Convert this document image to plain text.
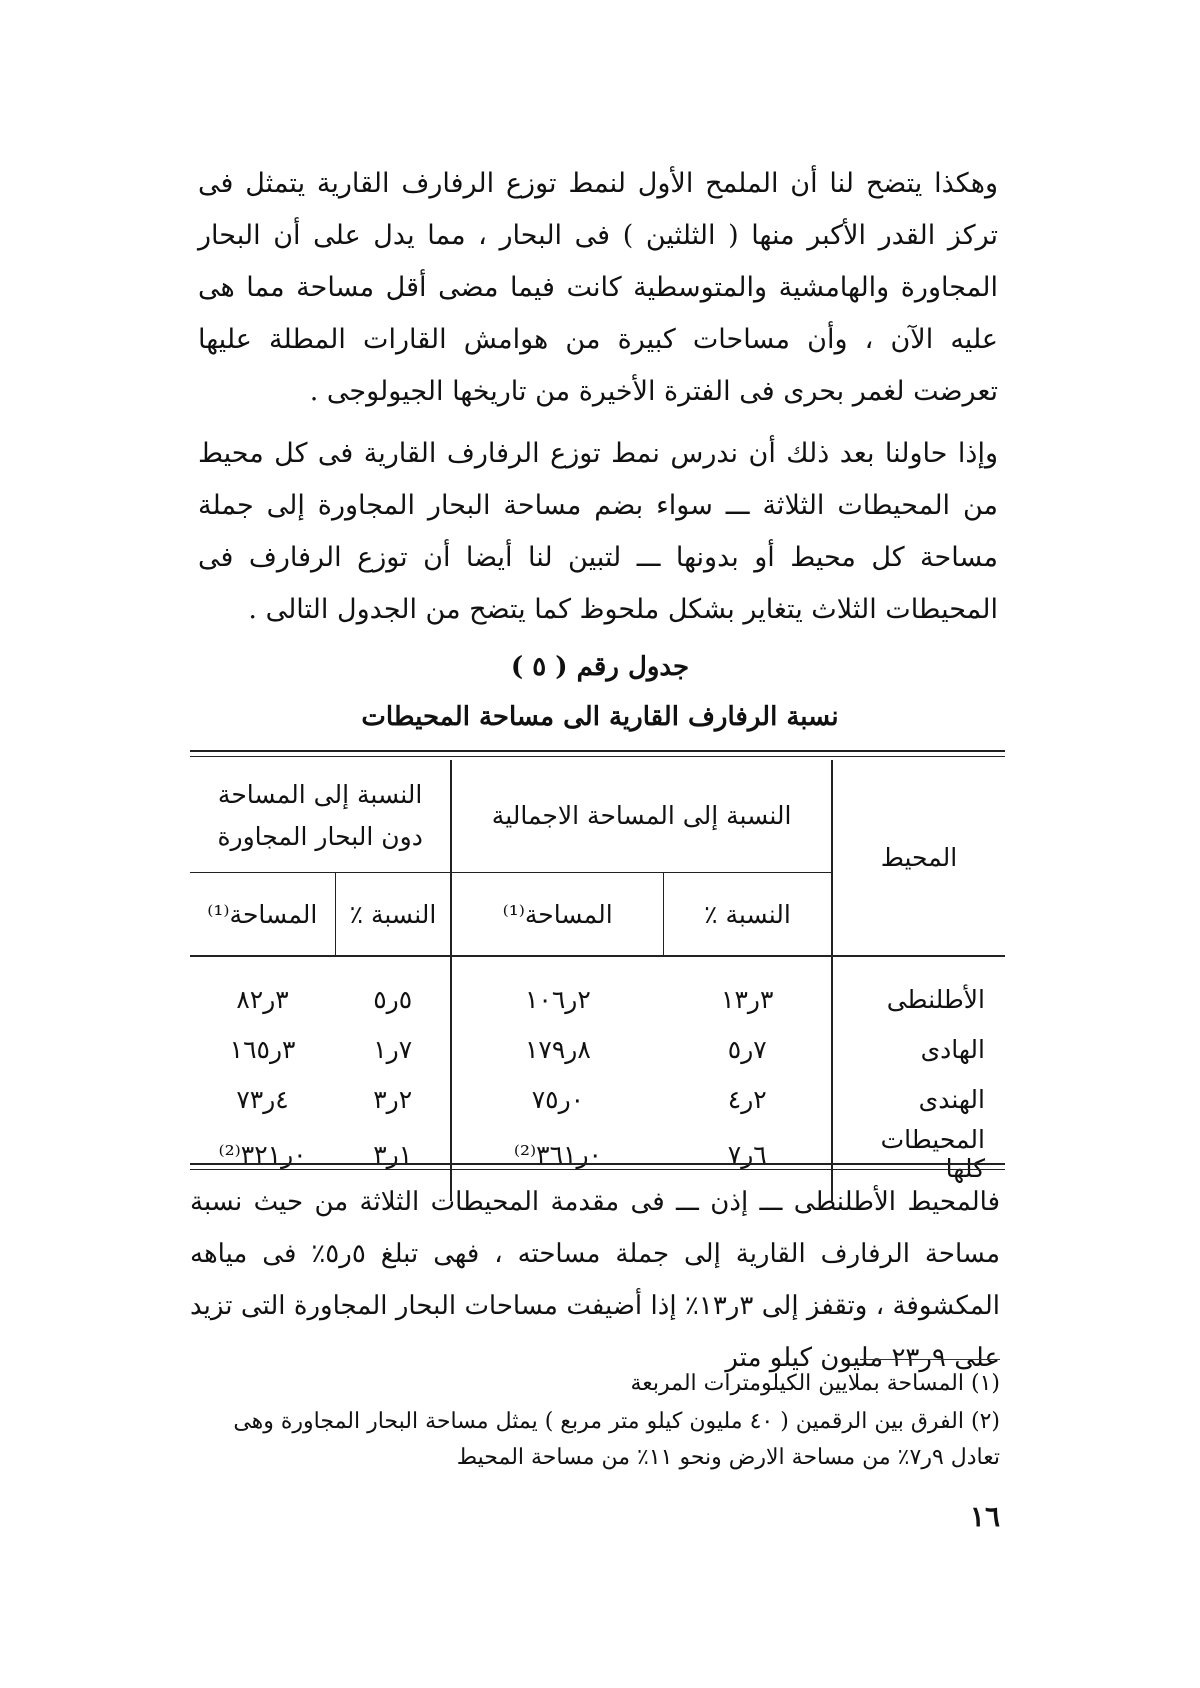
وهكذا يتضح لنا أن الملمح الأول لنمط توزع الرفارف القارية يتمثل فى تركز القدر الأكبر منها ( الثلثين ) فى البحار ، مما يدل على أن البحار المجاورة والهامشية والمتوسطية كانت فيما مضى أقل مساحة مما هى عليه الآن ، وأن مساحات كبيرة من هوامش القارات المطلة عليها تعرضت لغمر بحرى فى الفترة الأخيرة من تاريخها الجيولوجى .

وإذا حاولنا بعد ذلك أن ندرس نمط توزع الرفارف القارية فى كل محيط من المحيطات الثلاثة ـــ سواء بضم مساحة البحار المجاورة إلى جملة مساحة كل محيط أو بدونها ـــ لتبين لنا أيضا أن توزع الرفارف فى المحيطات الثلاث يتغاير بشكل ملحوظ كما يتضح من الجدول التالى .

جدول رقم ( ٥ )
نسبة الرفارف القارية الى مساحة المحيطات
المحيط	النسبة إلى المساحة الاجمالية		النسبة إلى المساحة
دون البحار المجاورة	

	النسبة ٪	المساحة⁽¹⁾	النسبة ٪	المساحة⁽¹⁾
الأطلنطى	٣ر١٣	٢ر١٠٦	٥ر٥	٣ر٨٢
الهادى	٧ر٥	٨ر١٧٩	٧ر١	٣ر١٦٥
الهندى	٢ر٤	٠ر٧٥	٢ر٣	٤ر٧٣
المحيطات كلها	٦ر٧	٠ر٣٦١⁽²⁾	١ر٣	٠ر٣٢١⁽²⁾

فالمحيط الأطلنطى ـــ إذن ـــ فى مقدمة المحيطات الثلاثة من حيث نسبة مساحة الرفارف القارية إلى جملة مساحته ، فهى تبلغ ٥ر٥٪ فى مياهه المكشوفة ، وتقفز إلى ٣ر١٣٪ إذا أضيفت مساحات البحار المجاورة التى تزيد على ٩ر٢٣ مليون كيلو متر

(١) المساحة بملايين الكيلومترات المربعة
(٢) الفرق بين الرقمين ( ٤٠ مليون كيلو متر مربع ) يمثل مساحة البحار المجاورة وهى تعادل ٩ر٧٪ من مساحة الارض ونحو ١١٪ من مساحة المحيط
١٦
